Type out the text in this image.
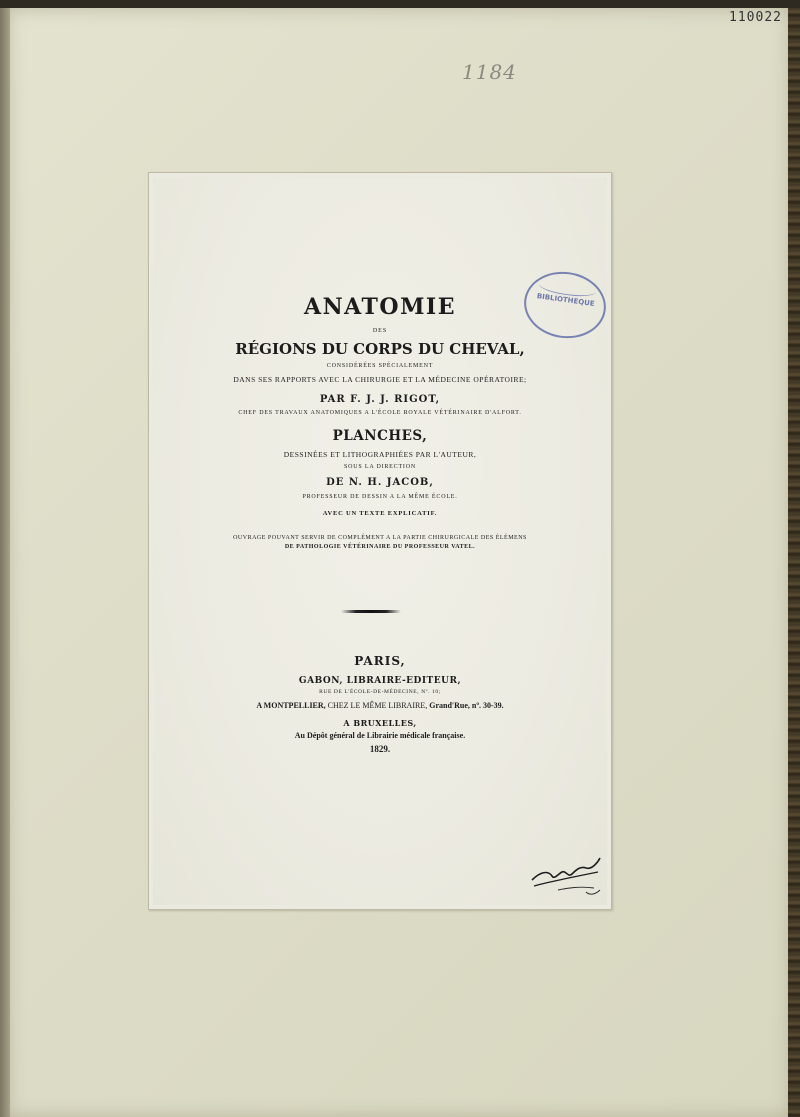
110022
1184
ANATOMIE
DES
RÉGIONS DU CORPS DU CHEVAL,
CONSIDÉRÉES SPÉCIALEMENT
DANS SES RAPPORTS AVEC LA CHIRURGIE ET LA MÉDECINE OPÉRATOIRE;
PAR F. J. J. RIGOT,
CHEF DES TRAVAUX ANATOMIQUES A L'ÉCOLE ROYALE VÉTÉRINAIRE D'ALFORT.
PLANCHES,
DESSINÉES ET LITHOGRAPHIÉES PAR L'AUTEUR,
SOUS LA DIRECTION
DE N. H. JACOB,
PROFESSEUR DE DESSIN A LA MÊME ÉCOLE.
AVEC UN TEXTE EXPLICATIF.
OUVRAGE POUVANT SERVIR DE COMPLÉMENT A LA PARTIE CHIRURGICALE DES ÉLÉMENS
DE PATHOLOGIE VÉTÉRINAIRE DU PROFESSEUR VATEL.
PARIS,
GABON, LIBRAIRE-EDITEUR,
RUE DE L'ÉCOLE-DE-MÉDECINE, Nº. 10;
A MONTPELLIER, CHEZ LE MÊME LIBRAIRE, Grand'Rue, nº. 30-39.
A BRUXELLES,
Au Dépôt général de Librairie médicale française.
1829.
BIBLIOTHEQUE
